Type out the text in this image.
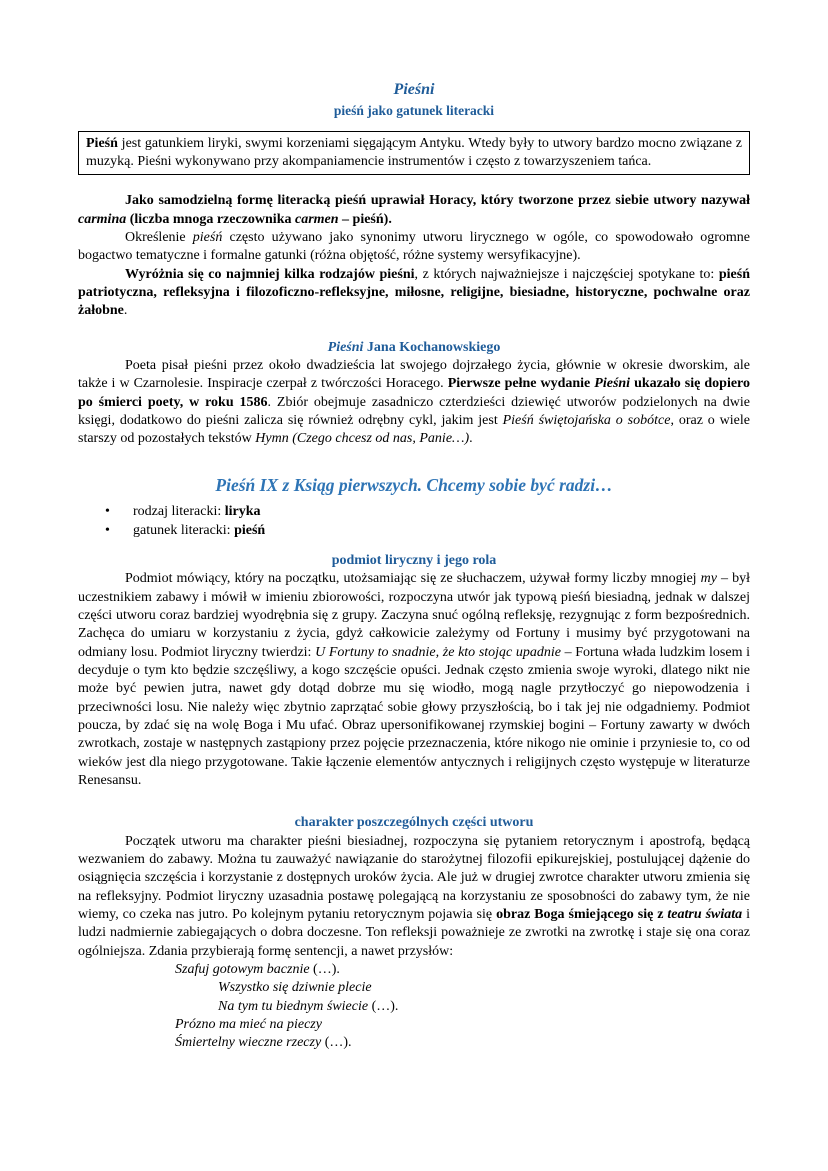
Pieśni
pieśń jako gatunek literacki

Pieśń jest gatunkiem liryki, swymi korzeniami sięgającym Antyku. Wtedy były to utwory bardzo mocno związane z muzyką. Pieśni wykonywano przy akompaniamencie instrumentów i często z towarzyszeniem tańca.

Jako samodzielną formę literacką pieśń uprawiał Horacy, który tworzone przez siebie utwory nazywał carmina (liczba mnoga rzeczownika carmen – pieśń).

Określenie pieśń często używano jako synonimy utworu lirycznego w ogóle, co spowodowało ogromne bogactwo tematyczne i formalne gatunki (różna objętość, różne systemy wersyfikacyjne).

Wyróżnia się co najmniej kilka rodzajów pieśni, z których najważniejsze i najczęściej spotykane to: pieśń patriotyczna, refleksyjna i filozoficzno-refleksyjne, miłosne, religijne, biesiadne, historyczne, pochwalne oraz żałobne.

Pieśni Jana Kochanowskiego

Poeta pisał pieśni przez około dwadzieścia lat swojego dojrzałego życia, głównie w okresie dworskim, ale także i w Czarnolesie. Inspiracje czerpał z twórczości Horacego. Pierwsze pełne wydanie Pieśni ukazało się dopiero po śmierci poety, w roku 1586. Zbiór obejmuje zasadniczo czterdzieści dziewięć utworów podzielonych na dwie księgi, dodatkowo do pieśni zalicza się również odrębny cykl, jakim jest Pieśń świętojańska o sobótce, oraz o wiele starszy od pozostałych tekstów Hymn (Czego chcesz od nas, Panie…).

Pieśń IX z Ksiąg pierwszych. Chcemy sobie być radzi…
• rodzaj literacki: liryka
• gatunek literacki: pieśń
podmiot liryczny i jego rola

Podmiot mówiący, który na początku, utożsamiając się ze słuchaczem, używał formy liczby mnogiej my – był uczestnikiem zabawy i mówił w imieniu zbiorowości, rozpoczyna utwór jak typową pieśń biesiadną, jednak w dalszej części utworu coraz bardziej wyodrębnia się z grupy. Zaczyna snuć ogólną refleksję, rezygnując z form bezpośrednich. Zachęca do umiaru w korzystaniu z życia, gdyż całkowicie zależymy od Fortuny i musimy być przygotowani na odmiany losu. Podmiot liryczny twierdzi: U Fortuny to snadnie, że kto stojąc upadnie – Fortuna włada ludzkim losem i decyduje o tym kto będzie szczęśliwy, a kogo szczęście opuści. Jednak często zmienia swoje wyroki, dlatego nikt nie może być pewien jutra, nawet gdy dotąd dobrze mu się wiodło, mogą nagle przytłoczyć go niepowodzenia i przeciwności losu. Nie należy więc zbytnio zaprzątać sobie głowy przyszłością, bo i tak jej nie odgadniemy. Podmiot poucza, by zdać się na wolę Boga i Mu ufać. Obraz upersonifikowanej rzymskiej bogini – Fortuny zawarty w dwóch zwrotkach, zostaje w następnych zastąpiony przez pojęcie przeznaczenia, które nikogo nie ominie i przyniesie to, co od wieków jest dla niego przygotowane. Takie łączenie elementów antycznych i religijnych często występuje w literaturze Renesansu.

charakter poszczególnych części utworu

Początek utworu ma charakter pieśni biesiadnej, rozpoczyna się pytaniem retorycznym i apostrofą, będącą wezwaniem do zabawy. Można tu zauważyć nawiązanie do starożytnej filozofii epikurejskiej, postulującej dążenie do osiągnięcia szczęścia i korzystanie z dostępnych uroków życia. Ale już w drugiej zwrotce charakter utworu zmienia się na refleksyjny. Podmiot liryczny uzasadnia postawę polegającą na korzystaniu ze sposobności do zabawy tym, że nie wiemy, co czeka nas jutro. Po kolejnym pytaniu retorycznym pojawia się obraz Boga śmiejącego się z teatru świata i ludzi nadmiernie zabiegających o dobra doczesne. Ton refleksji poważnieje ze zwrotki na zwrotkę i staje się ona coraz ogólniejsza. Zdania przybierają formę sentencji, a nawet przysłów:

Szafuj gotowym bacznie (…).

Wszystko się dziwnie plecie

Na tym tu biednym świecie (…).

Prózno ma mieć na pieczy

Śmiertelny wieczne rzeczy (…).
